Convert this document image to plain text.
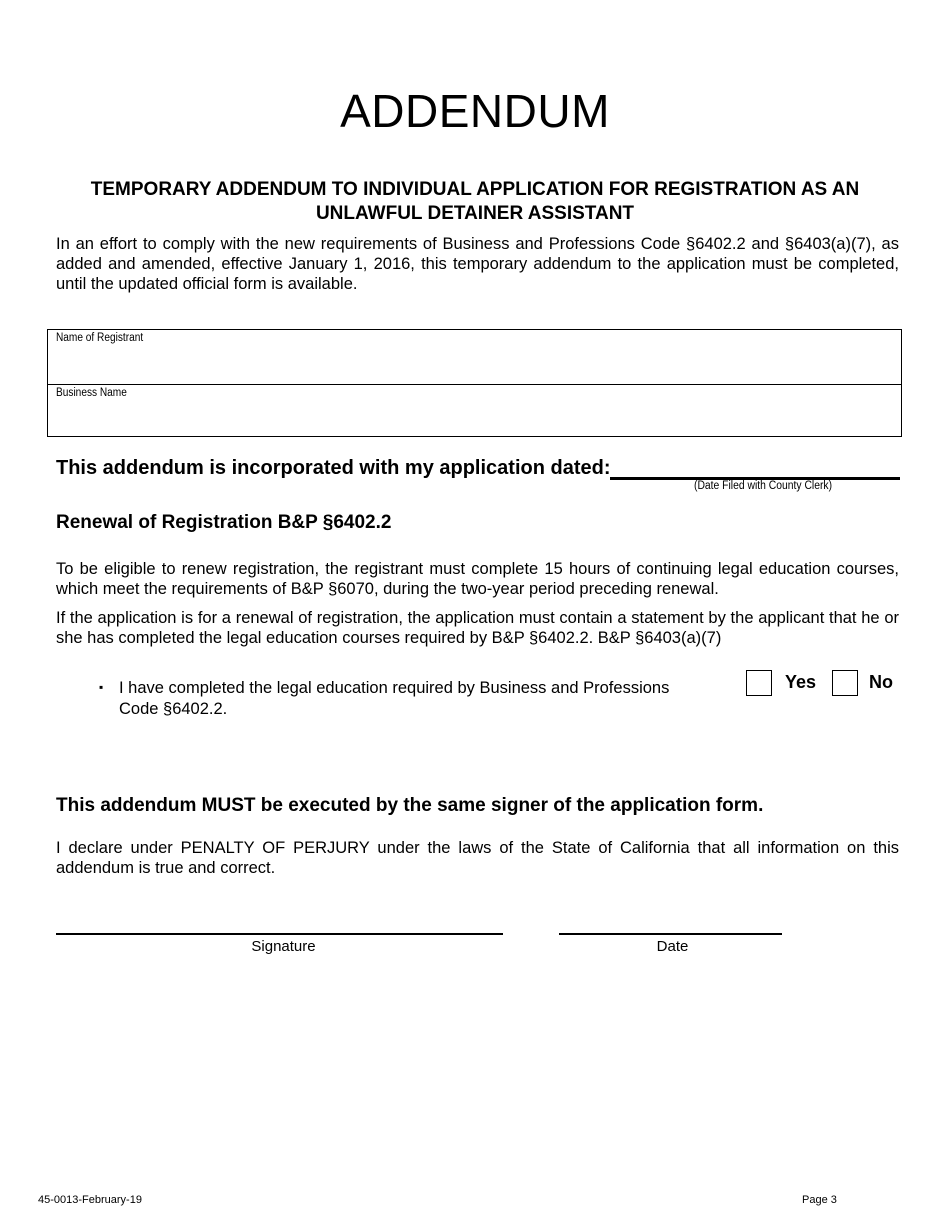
ADDENDUM
TEMPORARY ADDENDUM TO INDIVIDUAL APPLICATION FOR REGISTRATION AS AN
UNLAWFUL DETAINER ASSISTANT
In an effort to comply with the new requirements of Business and Professions Code §6402.2 and §6403(a)(7), as added and amended, effective January 1, 2016, this temporary addendum to the application must be completed, until the updated official form is available.
Name of Registrant
Business Name
This addendum is incorporated with my application dated:
(Date Filed with County Clerk)
Renewal of Registration B&P §6402.2
To be eligible to renew registration, the registrant must complete 15 hours of continuing legal education courses, which meet the requirements of B&P §6070, during the two-year period preceding renewal.
If the application is for a renewal of registration, the application must contain a statement by the applicant that he or she has completed the legal education courses required by B&P §6402.2. B&P §6403(a)(7)
▪ I have completed the legal education required by Business and Professions Code §6402.2.
Yes	No
This addendum MUST be executed by the same signer of the application form.
I declare under PENALTY OF PERJURY under the laws of the State of California that all information on this addendum is true and correct.
Signature	Date
45-0013-February-19	Page 3
